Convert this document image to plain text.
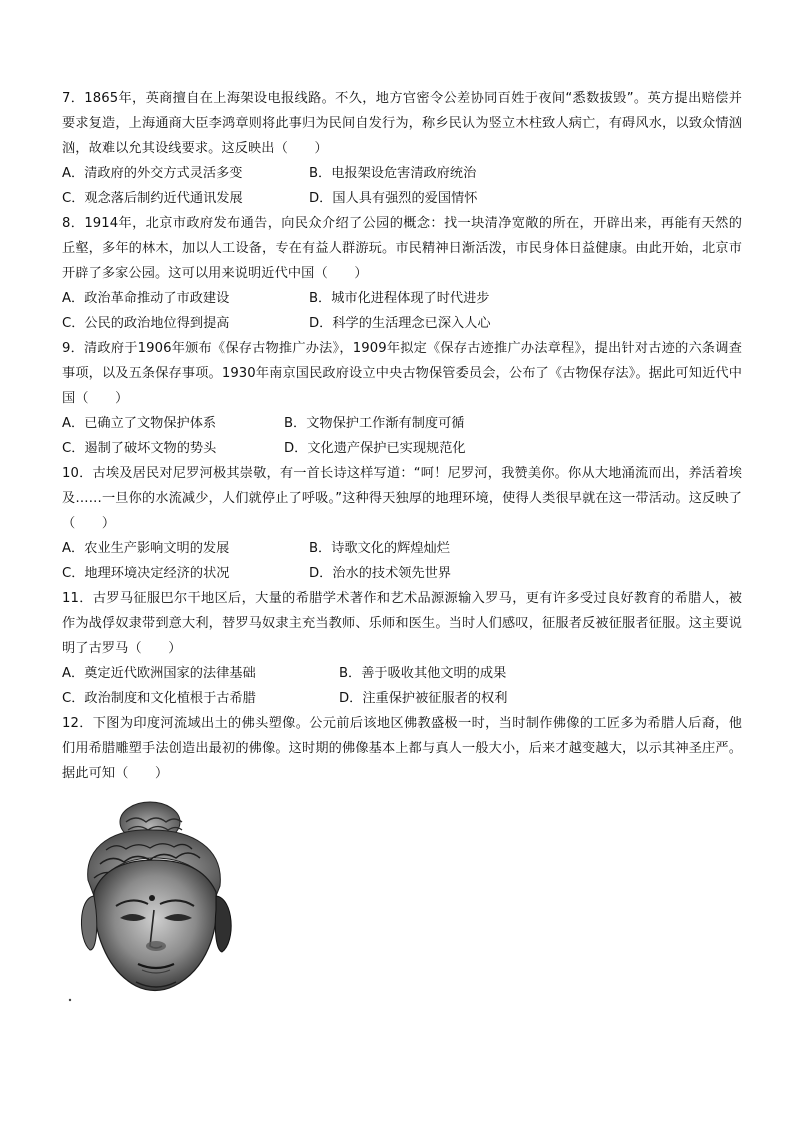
7．1865年，英商擅自在上海架设电报线路。不久，地方官密令公差协同百姓于夜间“悉数拔毁”。英方提出赔偿并要求复造，上海通商大臣李鸿章则将此事归为民间自发行为，称乡民认为竖立木柱致人病亡，有碍风水，以致众情汹汹，故难以允其设线要求。这反映出（　　）

A．清政府的外交方式灵活多变	B．电报架设危害清政府统治
C．观念落后制约近代通讯发展	D．国人具有强烈的爱国情怀

8．1914年，北京市政府发布通告，向民众介绍了公园的概念：找一块清净宽敞的所在，开辟出来，再能有天然的丘壑，多年的林木，加以人工设备，专在有益人群游玩。市民精神日渐活泼，市民身体日益健康。由此开始，北京市开辟了多家公园。这可以用来说明近代中国（　　）

A．政治革命推动了市政建设	B．城市化进程体现了时代进步
C．公民的政治地位得到提高	D．科学的生活理念已深入人心

9．清政府于1906年颁布《保存古物推广办法》，1909年拟定《保存古迹推广办法章程》，提出针对古迹的六条调查事项，以及五条保存事项。1930年南京国民政府设立中央古物保管委员会，公布了《古物保存法》。据此可知近代中国（　　）

A．已确立了文物保护体系	B．文物保护工作渐有制度可循
C．遏制了破坏文物的势头	D．文化遗产保护已实现规范化

10．古埃及居民对尼罗河极其崇敬，有一首长诗这样写道：“呵！尼罗河，我赞美你。你从大地涌流而出，养活着埃及……一旦你的水流减少，人们就停止了呼吸。”这种得天独厚的地理环境，使得人类很早就在这一带活动。这反映了（　　）

A．农业生产影响文明的发展	B．诗歌文化的辉煌灿烂
C．地理环境决定经济的状况	D．治水的技术领先世界

11．古罗马征服巴尔干地区后，大量的希腊学术著作和艺术品源源输入罗马，更有许多受过良好教育的希腊人，被作为战俘奴隶带到意大利，替罗马奴隶主充当教师、乐师和医生。当时人们感叹，征服者反被征服者征服。这主要说明了古罗马（　　）

A．奠定近代欧洲国家的法律基础	B．善于吸收其他文明的成果
C．政治制度和文化植根于古希腊	D．注重保护被征服者的权利

12．下图为印度河流域出土的佛头塑像。公元前后该地区佛教盛极一时，当时制作佛像的工匠多为希腊人后裔，他们用希腊雕塑手法创造出最初的佛像。这时期的佛像基本上都与真人一般大小，后来才越变越大，以示其神圣庄严。据此可知（　　）
